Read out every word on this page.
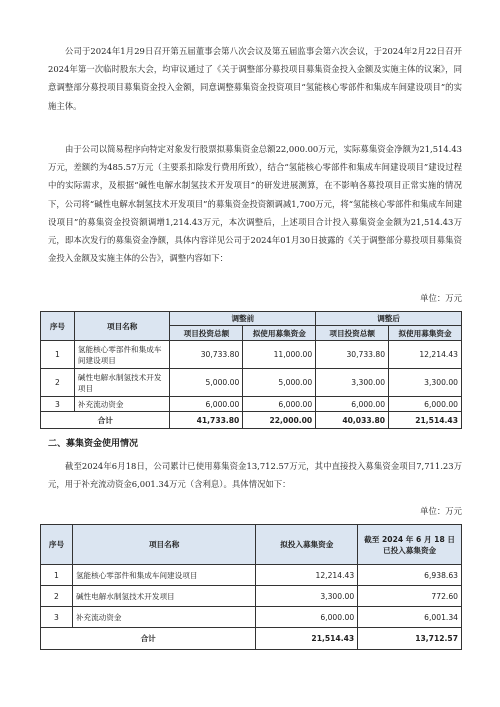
公司于2024年1月29日召开第五届董事会第八次会议及第五届监事会第六次会议，于2024年2月22日召开2024年第一次临时股东大会，均审议通过了《关于调整部分募投项目募集资金投入金额及实施主体的议案》，同意调整部分募投项目募集资金投入金额，同意调整募集资金投资项目“氢能核心零部件和集成车间建设项目”的实施主体。

由于公司以简易程序向特定对象发行股票拟募集资金总额22,000.00万元，实际募集资金净额为21,514.43万元，差额约为485.57万元（主要系扣除发行费用所致），结合“氢能核心零部件和集成车间建设项目”建设过程中的实际需求，及根据“碱性电解水制氢技术开发项目”的研发进展测算，在不影响各募投项目正常实施的情况下，公司将“碱性电解水制氢技术开发项目”的募集资金投资额调减1,700万元，将“氢能核心零部件和集成车间建设项目”的募集资金投资额调增1,214.43万元，本次调整后，上述项目合计投入募集资金金额为21,514.43万元，即本次发行的募集资金净额，具体内容详见公司于2024年01月30日披露的《关于调整部分募投项目募集资金投入金额及实施主体的公告》，调整内容如下：

单位：万元
序号	项目名称	调整前		调整后	
		项目投资总额	拟使用募集资金	项目投资总额	拟使用募集资金
1	氢能核心零部件和集成车间建设项目	30,733.80	11,000.00	30,733.80	12,214.43
2	碱性电解水制氢技术开发项目	5,000.00	5,000.00	3,300.00	3,300.00
3	补充流动资金	6,000.00	6,000.00	6,000.00	6,000.00
合计		41,733.80	22,000.00	40,033.80	21,514.43
二、募集资金使用情况

截至2024年6月18日，公司累计已使用募集资金13,712.57万元，其中直接投入募集资金项目7,711.23万元，用于补充流动资金6,001.34万元（含利息）。具体情况如下：

单位：万元
序号	项目名称	拟投入募集资金	截至 2024 年 6 月 18 日已投入募集资金
1	氢能核心零部件和集成车间建设项目	12,214.43	6,938.63
2	碱性电解水制氢技术开发项目	3,300.00	772.60
3	补充流动资金	6,000.00	6,001.34
合计		21,514.43	13,712.57
